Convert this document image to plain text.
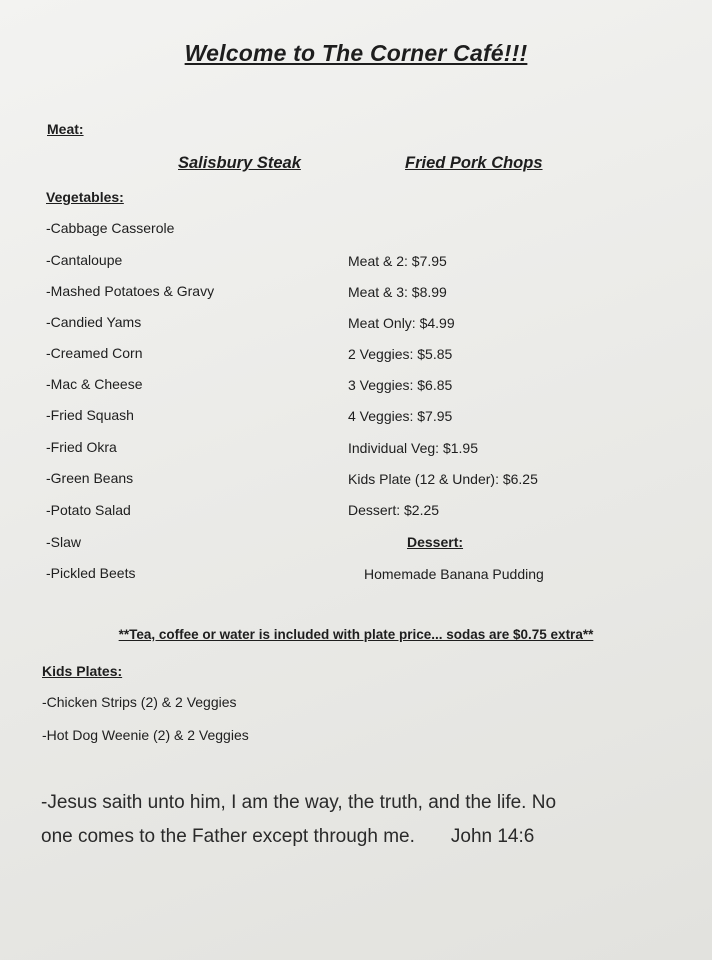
Welcome to The Corner Café!!!
Meat:
Salisbury Steak	Fried Pork Chops
Vegetables:
-Cabbage Casserole
-Cantaloupe
-Mashed Potatoes & Gravy
-Candied Yams
-Creamed Corn
-Mac & Cheese
-Fried Squash
-Fried Okra
-Green Beans
-Potato Salad
-Slaw
-Pickled Beets
Meat & 2: $7.95
Meat & 3: $8.99
Meat Only: $4.99
2 Veggies: $5.85
3 Veggies: $6.85
4 Veggies: $7.95
Individual Veg: $1.95
Kids Plate (12 & Under): $6.25
Dessert: $2.25
Dessert:
Homemade Banana Pudding
**Tea, coffee or water is included with plate price... sodas are $0.75 extra**
Kids Plates:
-Chicken Strips (2) & 2 Veggies
-Hot Dog Weenie (2) & 2 Veggies
-Jesus saith unto him, I am the way, the truth, and the life. No
one comes to the Father except through me. John 14:6
